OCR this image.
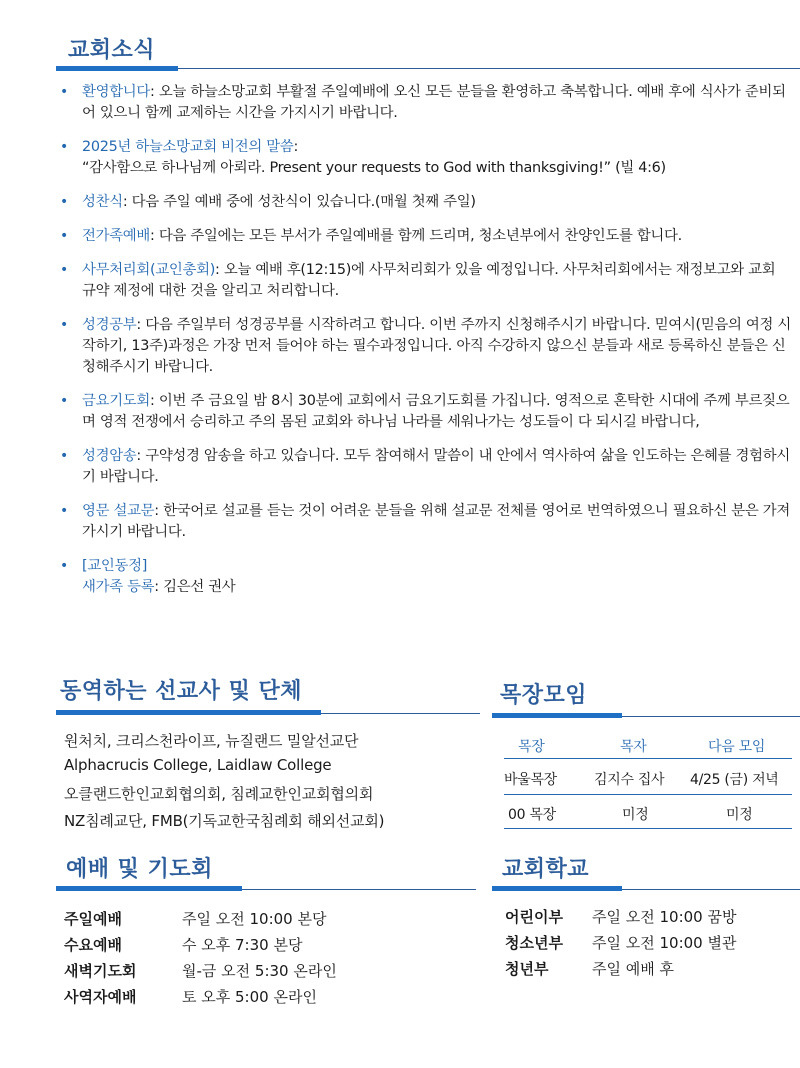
교회소식
• 환영합니다: 오늘 하늘소망교회 부활절 주일예배에 오신 모든 분들을 환영하고 축복합니다. 예배 후에 식사가 준비되어 있으니 함께 교제하는 시간을 가지시기 바랍니다.
• 2025년 하늘소망교회 비전의 말씀:
“감사함으로 하나님께 아뢰라. Present your requests to God with thanksgiving!” (빌 4:6)
• 성찬식: 다음 주일 예배 중에 성찬식이 있습니다.(매월 첫째 주일)
• 전가족예배: 다음 주일에는 모든 부서가 주일예배를 함께 드리며, 청소년부에서 찬양인도를 합니다.
• 사무처리회(교인총회): 오늘 예배 후(12:15)에 사무처리회가 있을 예정입니다. 사무처리회에서는 재정보고와 교회 규약 제정에 대한 것을 알리고 처리합니다.
• 성경공부: 다음 주일부터 성경공부를 시작하려고 합니다. 이번 주까지 신청해주시기 바랍니다. 믿여시(믿음의 여정 시작하기, 13주)과정은 가장 먼저 들어야 하는 필수과정입니다. 아직 수강하지 않으신 분들과 새로 등록하신 분들은 신청해주시기 바랍니다.
• 금요기도회: 이번 주 금요일 밤 8시 30분에 교회에서 금요기도회를 가집니다. 영적으로 혼탁한 시대에 주께 부르짖으며 영적 전쟁에서 승리하고 주의 몸된 교회와 하나님 나라를 세워나가는 성도들이 다 되시길 바랍니다,
• 성경암송: 구약성경 암송을 하고 있습니다. 모두 참여해서 말씀이 내 안에서 역사하여 삶을 인도하는 은혜를 경험하시기 바랍니다.
• 영문 설교문: 한국어로 설교를 듣는 것이 어려운 분들을 위해 설교문 전체를 영어로 번역하였으니 필요하신 분은 가져가시기 바랍니다.
• [교인동정]
새가족 등록: 김은선 권사
동역하는 선교사 및 단체
원처치, 크리스천라이프, 뉴질랜드 밀알선교단
Alphacrucis College, Laidlaw College
오클랜드한인교회협의회, 침례교한인교회협의회
NZ침례교단, FMB(기독교한국침례회 해외선교회)
목장모임
목장	목자	다음 모임
바울목장	김지수 집사 4/25 (금) 저녁
00 목장	미정	미정
예배 및 기도회
주일예배	주일 오전 10:00 본당
수요예배	수 오후 7:30 본당
새벽기도회	월-금 오전 5:30 온라인
사역자예배	토 오후 5:00 온라인
교회학교
어린이부 주일 오전 10:00 꿈방
청소년부 주일 오전 10:00 별관
청년부	주일 예배 후
